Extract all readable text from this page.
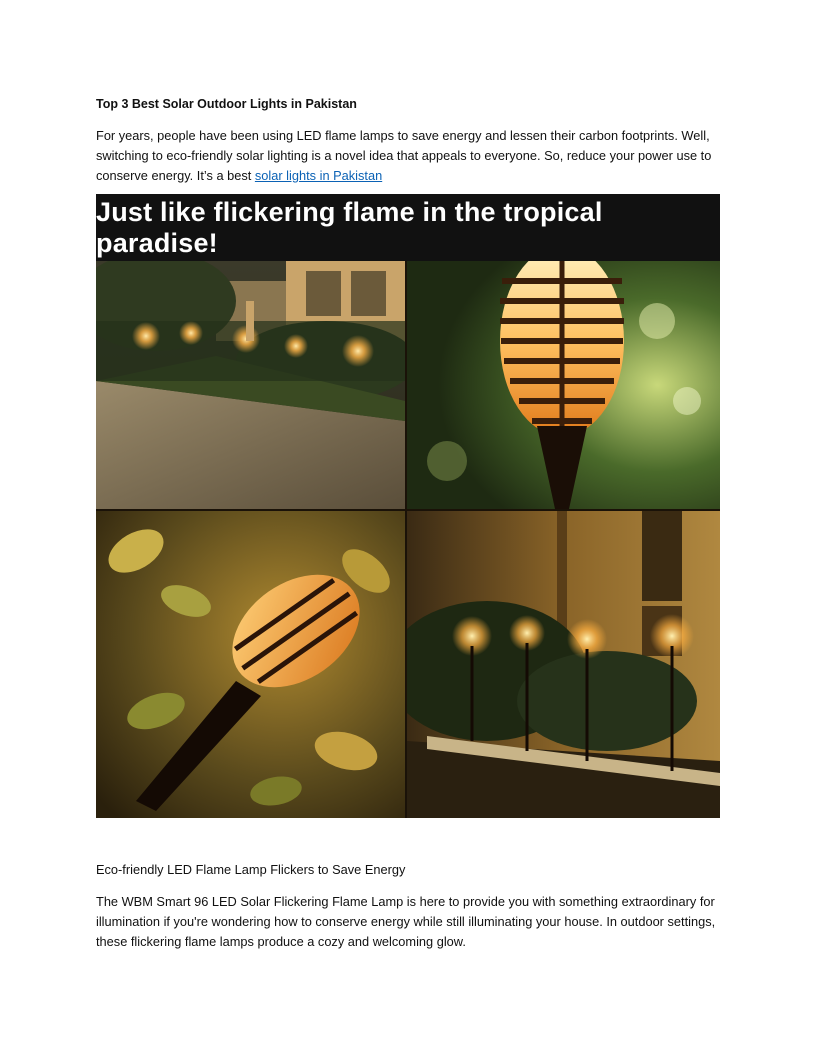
Top 3 Best Solar Outdoor Lights in Pakistan

For years, people have been using LED flame lamps to save energy and lessen their carbon footprints. Well, switching to eco-friendly solar lighting is a novel idea that appeals to everyone. So, reduce your power use to conserve energy. It’s a best solar lights in Pakistan

Just like flickering flame in the tropical paradise!
Eco-friendly LED Flame Lamp Flickers to Save Energy

The WBM Smart 96 LED Solar Flickering Flame Lamp is here to provide you with something extraordinary for illumination if you're wondering how to conserve energy while still illuminating your house. In outdoor settings, these flickering flame lamps produce a cozy and welcoming glow.
